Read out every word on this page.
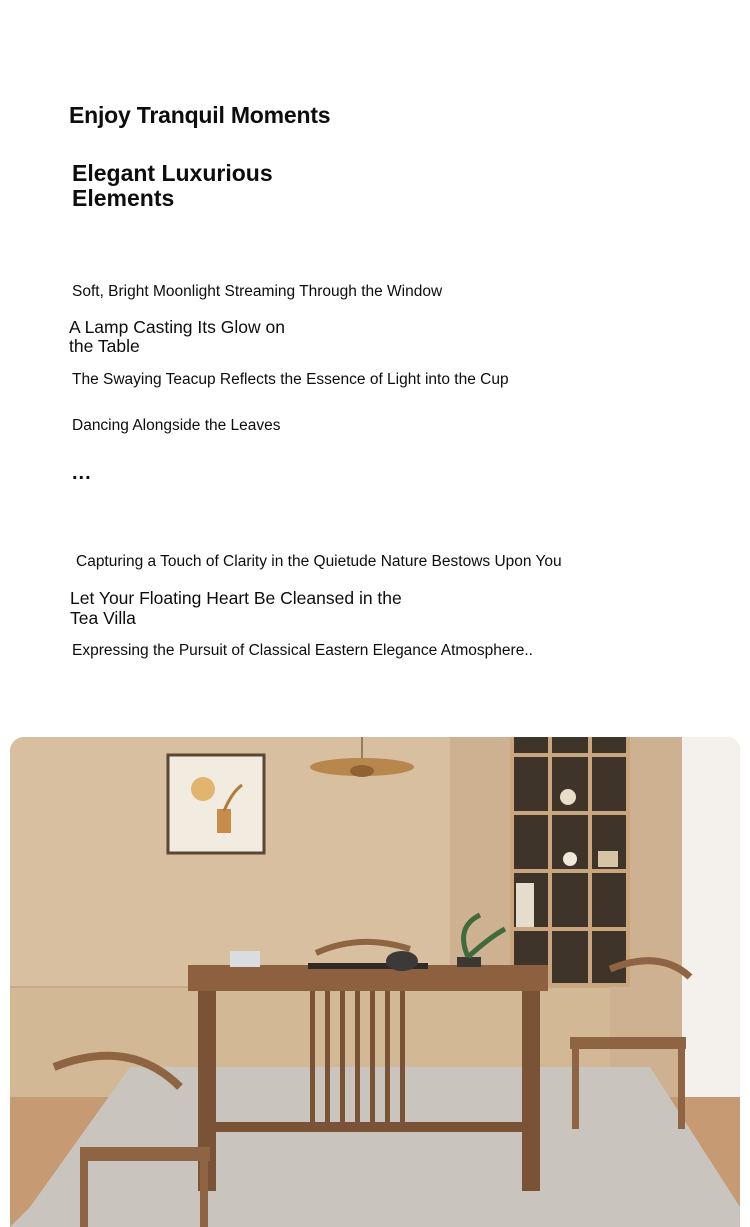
Enjoy Tranquil Moments
Elegant Luxurious Elements

Soft, Bright Moonlight Streaming Through the Window

A Lamp Casting Its Glow on the Table

The Swaying Teacup Reflects the Essence of Light into the Cup

Dancing Alongside the Leaves

...

Capturing a Touch of Clarity in the Quietude Nature Bestows Upon You

Let Your Floating Heart Be Cleansed in the Tea Villa

Expressing the Pursuit of Classical Eastern Elegance Atmosphere..
